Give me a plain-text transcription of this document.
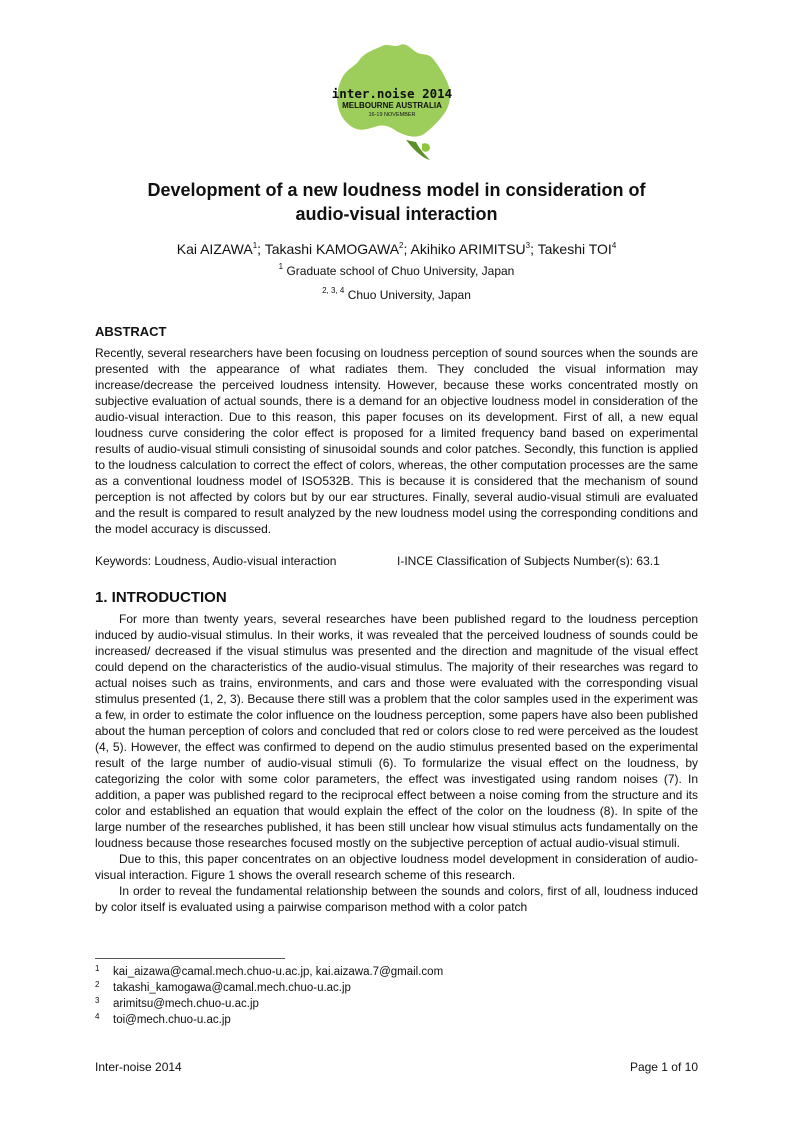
inter.noise 2014
MELBOURNE AUSTRALIA
16-19 NOVEMBER
Development of a new loudness model in consideration of
audio-visual interaction
Kai AIZAWA$^1$; Takashi KAMOGAWA$^2$; Akihiko ARIMITSU$^3$; Takeshi TOI$^4$
$^1$ Graduate school of Chuo University, Japan
$^{2, 3, 4}$ Chuo University, Japan
ABSTRACT

Recently, several researchers have been focusing on loudness perception of sound sources when the sounds are presented with the appearance of what radiates them. They concluded the visual information may increase/decrease the perceived loudness intensity. However, because these works concentrated mostly on subjective evaluation of actual sounds, there is a demand for an objective loudness model in consideration of the audio-visual interaction. Due to this reason, this paper focuses on its development. First of all, a new equal loudness curve considering the color effect is proposed for a limited frequency band based on experimental results of audio-visual stimuli consisting of sinusoidal sounds and color patches. Secondly, this function is applied to the loudness calculation to correct the effect of colors, whereas, the other computation processes are the same as a conventional loudness model of ISO532B. This is because it is considered that the mechanism of sound perception is not affected by colors but by our ear structures. Finally, several audio-visual stimuli are evaluated and the result is compared to result analyzed by the new loudness model using the corresponding conditions and the model accuracy is discussed.

Keywords: Loudness, Audio-visual interaction	I-INCE Classification of Subjects Number(s): 63.1
1. INTRODUCTION

For more than twenty years, several researches have been published regard to the loudness perception induced by audio-visual stimulus. In their works, it was revealed that the perceived loudness of sounds could be increased/ decreased if the visual stimulus was presented and the direction and magnitude of the visual effect could depend on the characteristics of the audio-visual stimulus. The majority of their researches was regard to actual noises such as trains, environments, and cars and those were evaluated with the corresponding visual stimulus presented (1, 2, 3). Because there still was a problem that the color samples used in the experiment was a few, in order to estimate the color influence on the loudness perception, some papers have also been published about the human perception of colors and concluded that red or colors close to red were perceived as the loudest (4, 5). However, the effect was confirmed to depend on the audio stimulus presented based on the experimental result of the large number of audio-visual stimuli (6). To formularize the visual effect on the loudness, by categorizing the color with some color parameters, the effect was investigated using random noises (7). In addition, a paper was published regard to the reciprocal effect between a noise coming from the structure and its color and established an equation that would explain the effect of the color on the loudness (8). In spite of the large number of the researches published, it has been still unclear how visual stimulus acts fundamentally on the loudness because those researches focused mostly on the subjective perception of actual audio-visual stimuli.

Due to this, this paper concentrates on an objective loudness model development in consideration of audio-visual interaction. Figure 1 shows the overall research scheme of this research.

In order to reveal the fundamental relationship between the sounds and colors, first of all, loudness induced by color itself is evaluated using a pairwise comparison method with a color patch

1	kai_aizawa@camal.mech.chuo-u.ac.jp, kai.aizawa.7@gmail.com
2	takashi_kamogawa@camal.mech.chuo-u.ac.jp
3	arimitsu@mech.chuo-u.ac.jp
4	toi@mech.chuo-u.ac.jp
Inter-noise 2014	Page 1 of 10
